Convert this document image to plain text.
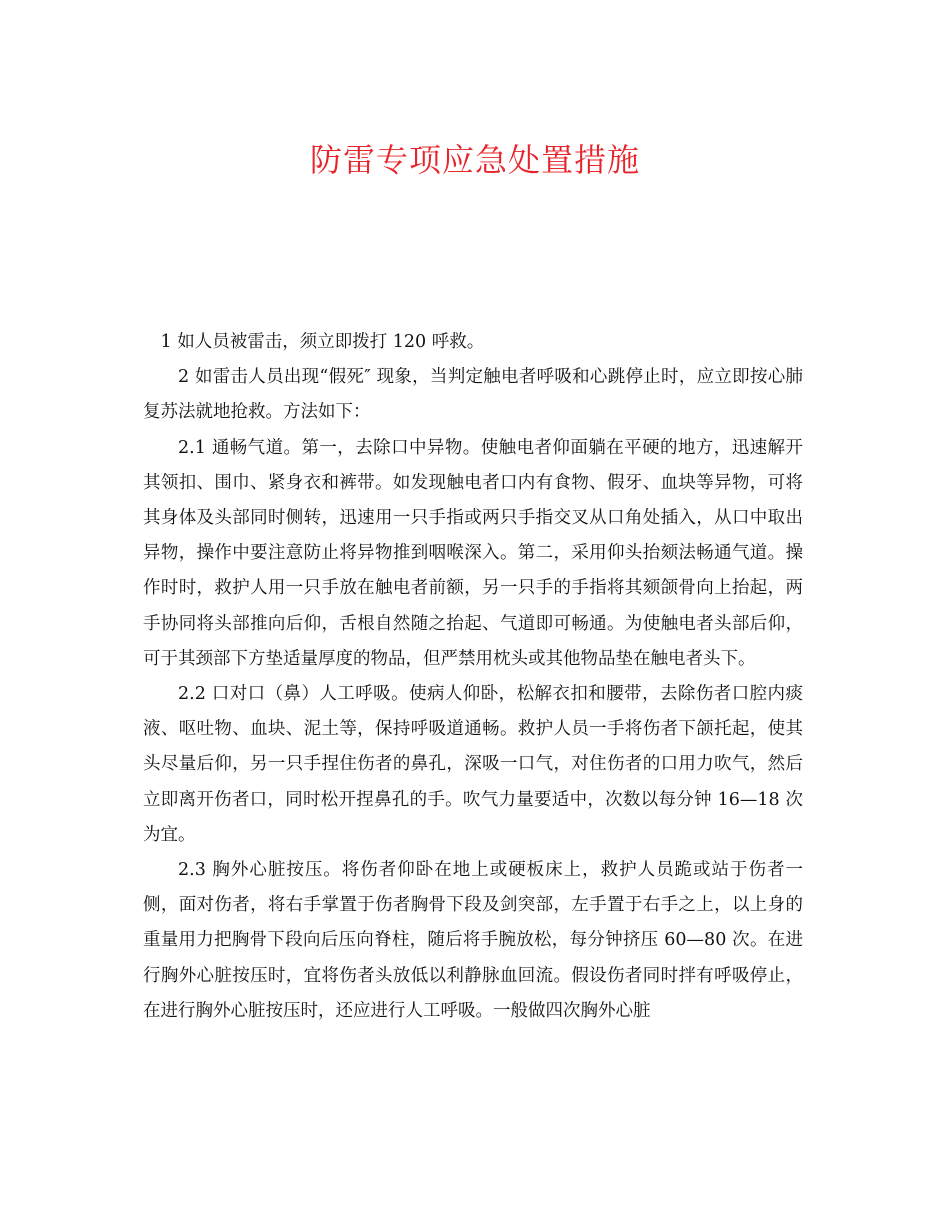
防雷专项应急处置措施

1 如人员被雷击，须立即拨打 120 呼救。

2 如雷击人员出现“假死″ 现象，当判定触电者呼吸和心跳停止时，应立即按心肺复苏法就地抢救。方法如下：

2.1 通畅气道。第一，去除口中异物。使触电者仰面躺在平硬的地方，迅速解开其领扣、围巾、紧身衣和裤带。如发现触电者口内有食物、假牙、血块等异物，可将其身体及头部同时侧转，迅速用一只手指或两只手指交叉从口角处插入，从口中取出异物，操作中要注意防止将异物推到咽喉深入。第二，采用仰头抬颏法畅通气道。操作时时，救护人用一只手放在触电者前额，另一只手的手指将其颏颌骨向上抬起，两手协同将头部推向后仰，舌根自然随之抬起、气道即可畅通。为使触电者头部后仰，可于其颈部下方垫适量厚度的物品，但严禁用枕头或其他物品垫在触电者头下。

2.2 口对口（鼻）人工呼吸。使病人仰卧，松解衣扣和腰带，去除伤者口腔内痰液、呕吐物、血块、泥土等，保持呼吸道通畅。救护人员一手将伤者下颌托起，使其头尽量后仰，另一只手捏住伤者的鼻孔，深吸一口气，对住伤者的口用力吹气，然后立即离开伤者口，同时松开捏鼻孔的手。吹气力量要适中，次数以每分钟 16—18 次为宜。

2.3 胸外心脏按压。将伤者仰卧在地上或硬板床上，救护人员跪或站于伤者一侧，面对伤者，将右手掌置于伤者胸骨下段及剑突部，左手置于右手之上，以上身的重量用力把胸骨下段向后压向脊柱，随后将手腕放松，每分钟挤压 60—80 次。在进行胸外心脏按压时，宜将伤者头放低以利静脉血回流。假设伤者同时拌有呼吸停止，在进行胸外心脏按压时，还应进行人工呼吸。一般做四次胸外心脏
